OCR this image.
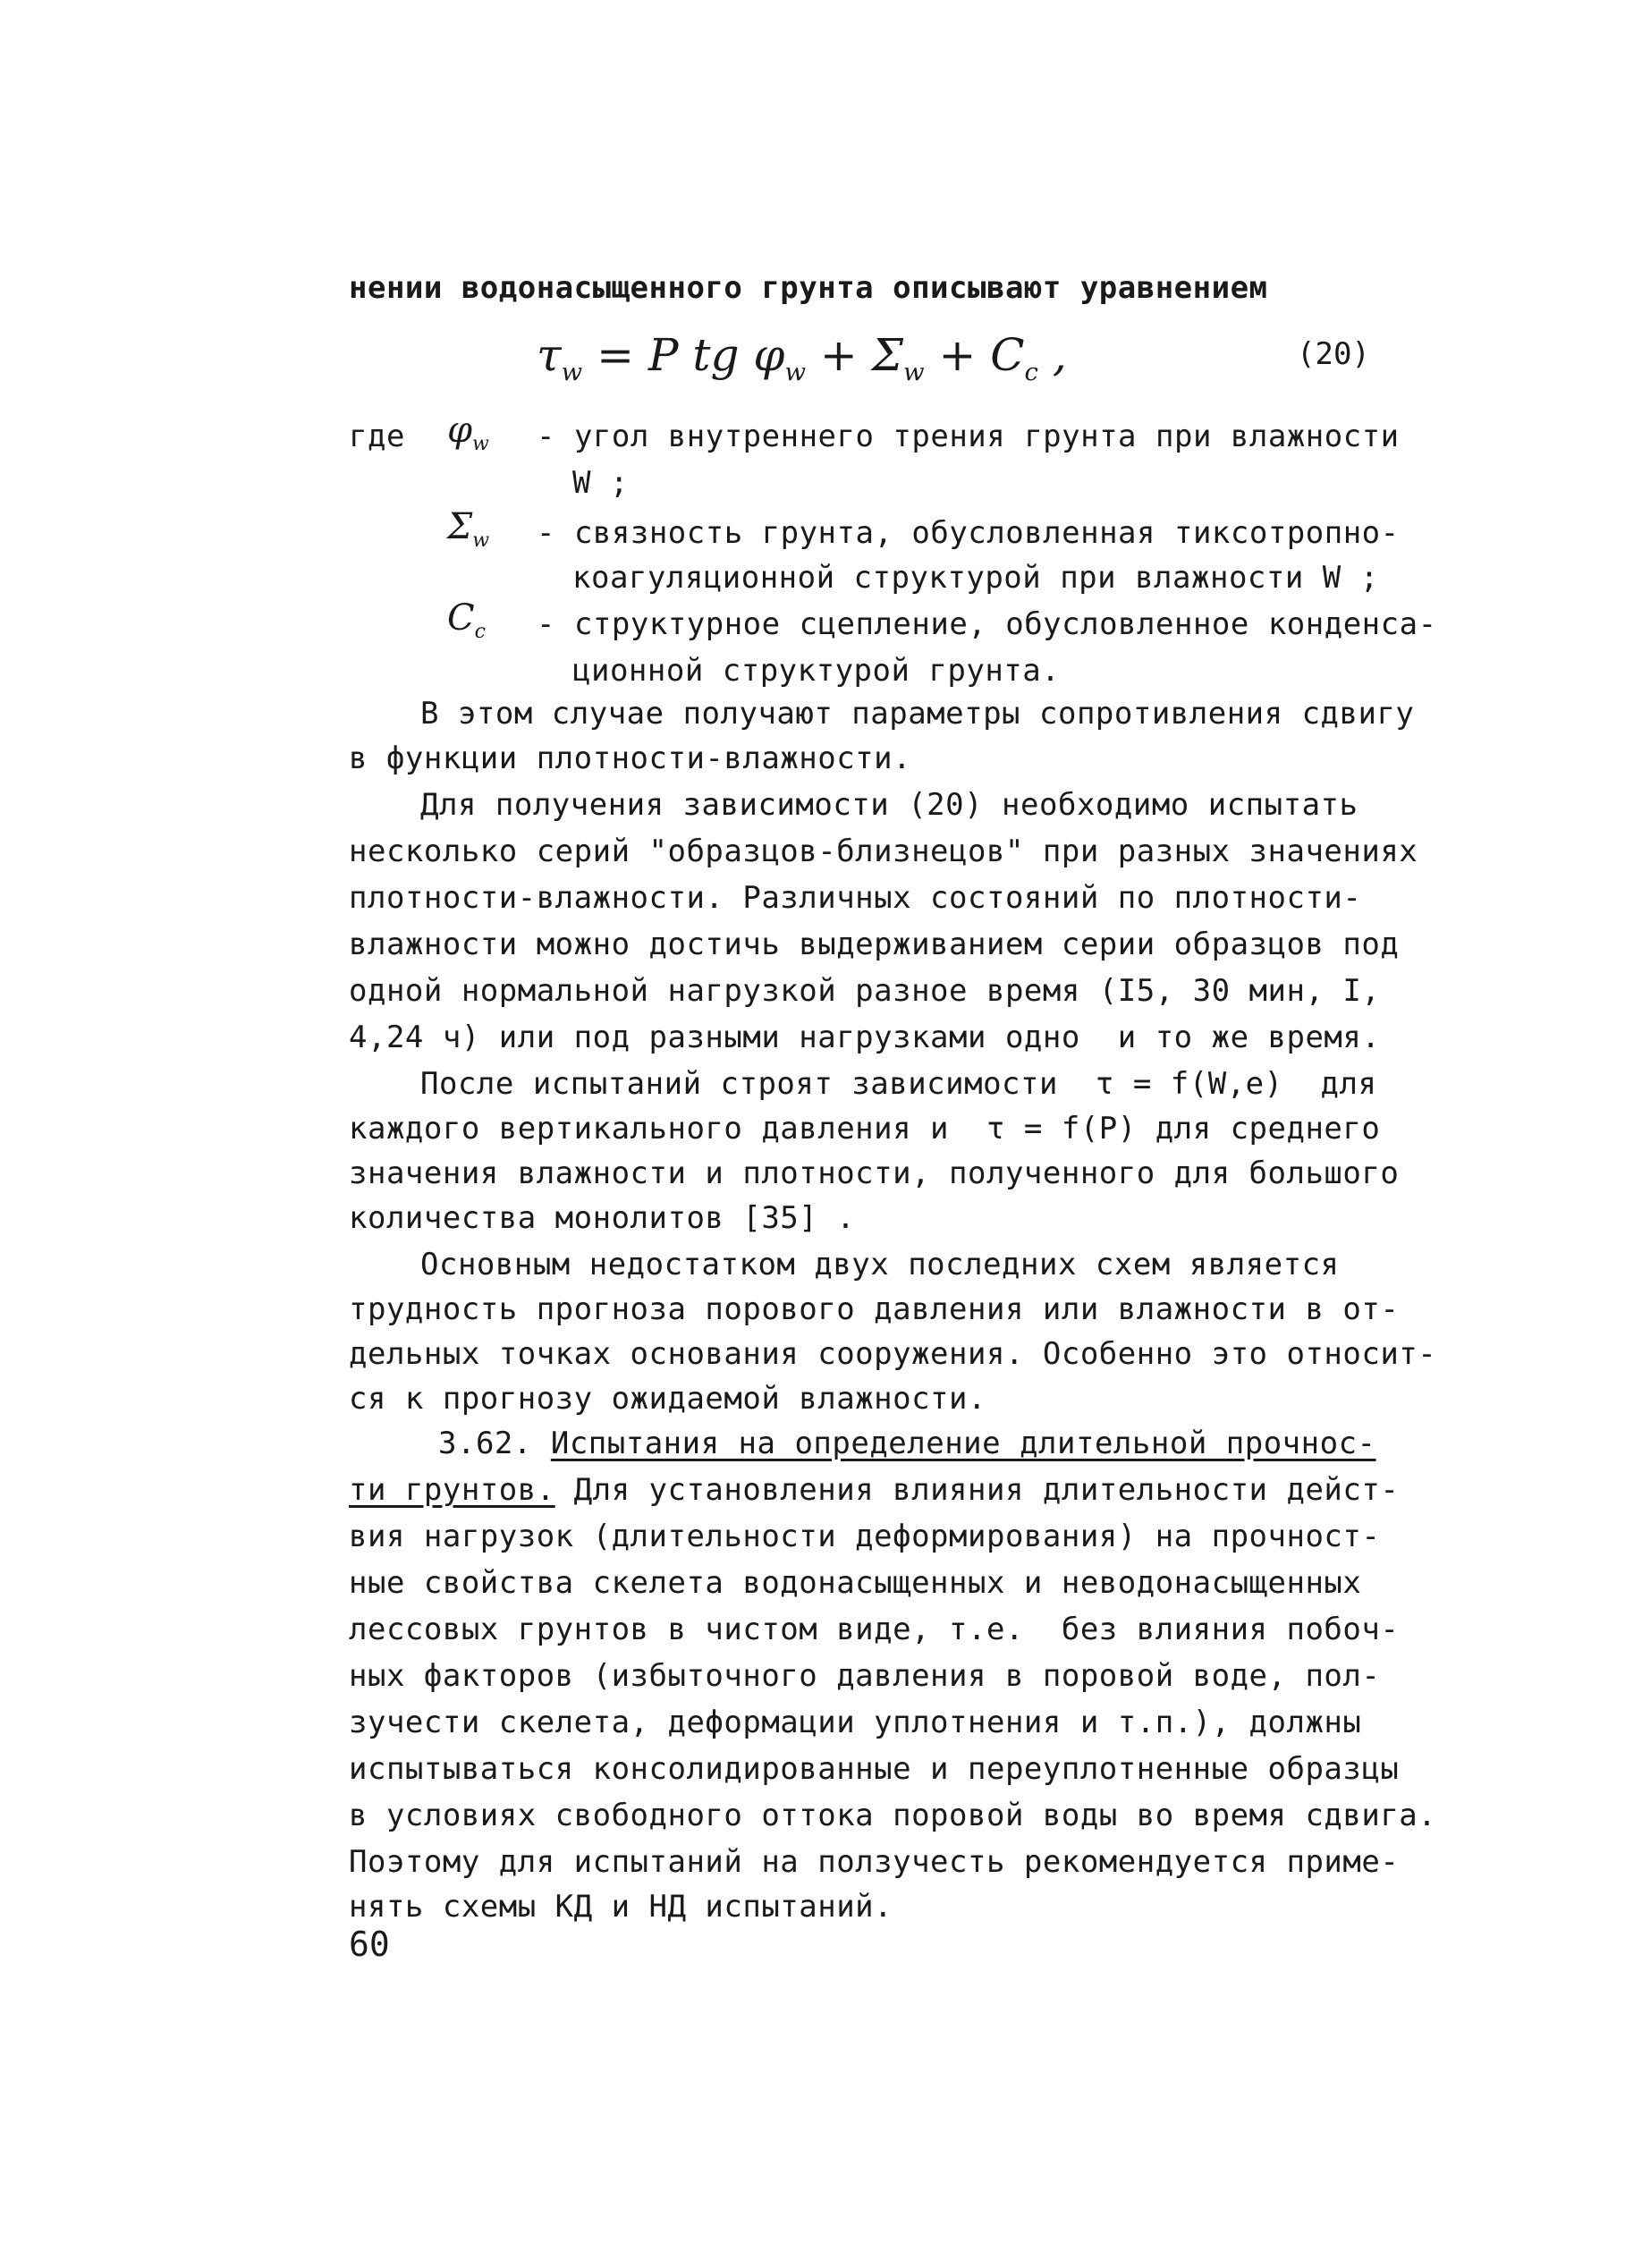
нении водонасыщенного грунта описывают уравнением
$\tau_w = P$ tg $\varphi_w + \Sigma_w + C_c$ ,	(20)
где $\varphi_w$ - угол внутреннего трения грунта при влажности
W ;
$\Sigma_w$ - связность грунта, обусловленная тиксотропно-
коагуляционной структурой при влажности W ;
$C_c$ - структурное сцепление, обусловленное конденса-
ционной структурой грунта.
В этом случае получают параметры сопротивления сдвигу
в функции плотности-влажности.
Для получения зависимости (20) необходимо испытать
несколько серий "образцов-близнецов" при разных значениях
плотности-влажности. Различных состояний по плотности-
влажности можно достичь выдерживанием серии образцов под
одной нормальной нагрузкой разное время (I5, 30 мин, I,
4,24 ч) или под разными нагрузками одно  и то же время.
После испытаний строят зависимости  τ = f(W,e)  для
каждого вертикального давления и  τ = f(P) для среднего
значения влажности и плотности, полученного для большого
количества монолитов [35] .
Основным недостатком двух последних схем является
трудность прогноза порового давления или влажности в от-
дельных точках основания сооружения. Особенно это относит-
ся к прогнозу ожидаемой влажности.
3.62. Испытания на определение длительной прочнос-
ти грунтов. Для установления влияния длительности дейст-
вия нагрузок (длительности деформирования) на прочност-
ные свойства скелета водонасыщенных и неводонасыщенных
лессовых грунтов в чистом виде, т.е.  без влияния побоч-
ных факторов (избыточного давления в поровой воде, пол-
зучести скелета, деформации уплотнения и т.п.), должны
испытываться консолидированные и переуплотненные образцы
в условиях свободного оттока поровой воды во время сдвига.
Поэтому для испытаний на ползучесть рекомендуется приме-
нять схемы КД и НД испытаний.
60
